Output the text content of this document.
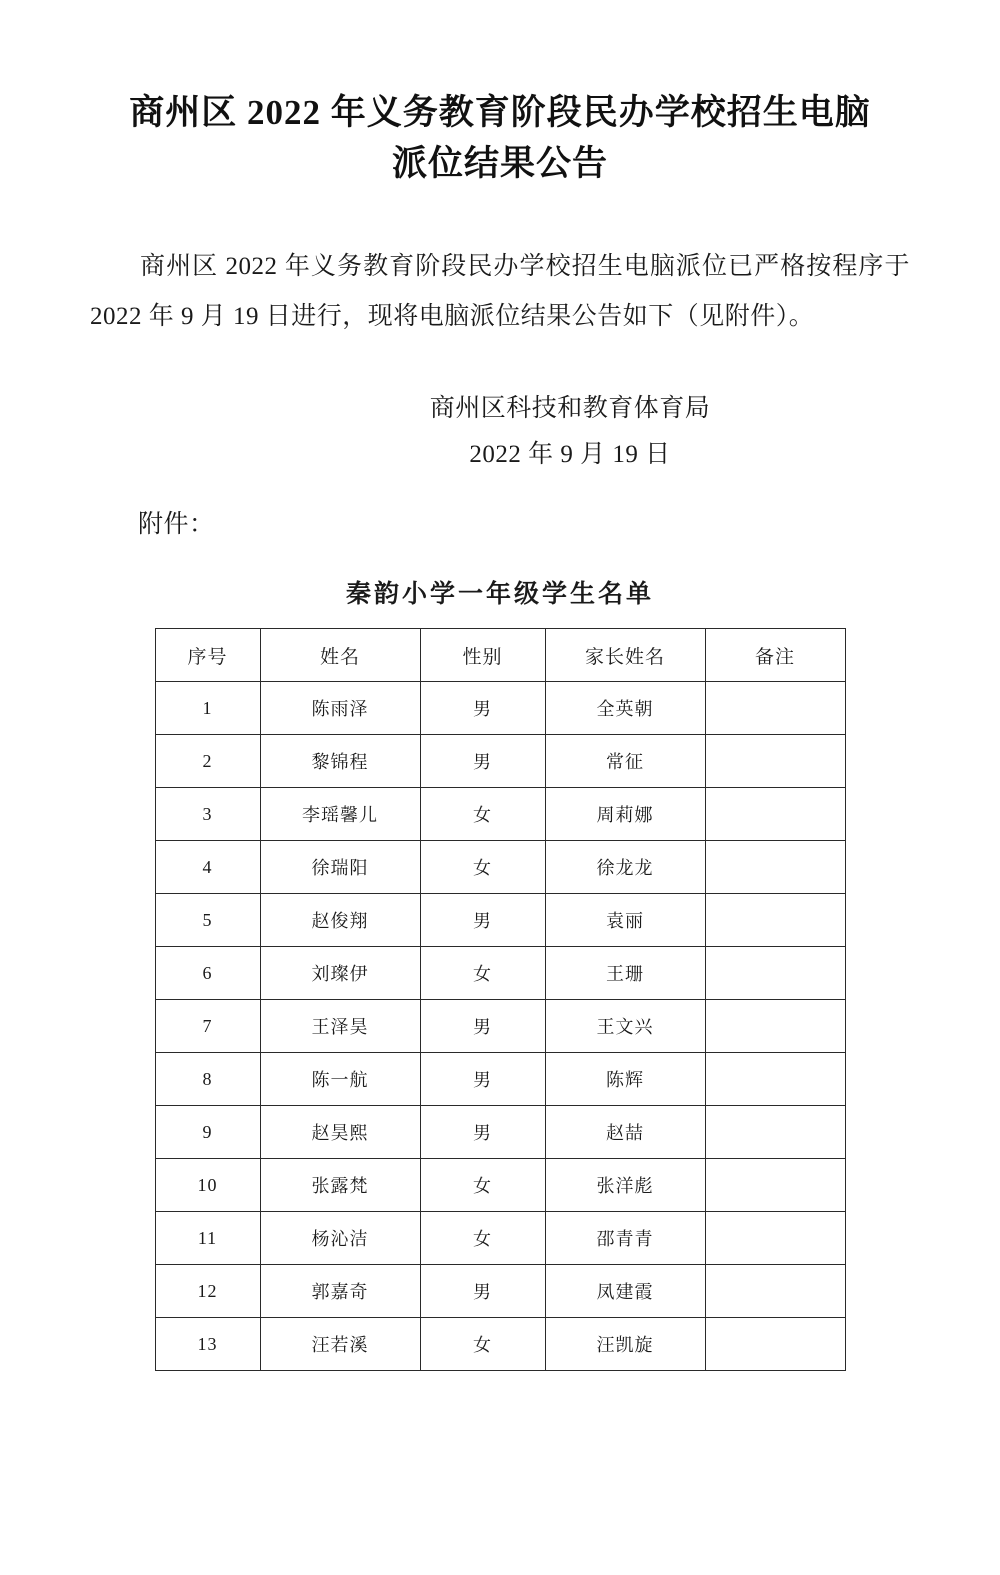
商州区 2022 年义务教育阶段民办学校招生电脑派位结果公告

商州区 2022 年义务教育阶段民办学校招生电脑派位已严格按程序于 2022 年 9 月 19 日进行，现将电脑派位结果公告如下（见附件）。

商州区科技和教育体育局
2022 年 9 月 19 日
附件：
秦韵小学一年级学生名单
序号	姓名	性别	家长姓名	备注
1	陈雨泽	男	全英朝	
2	黎锦程	男	常征	
3	李瑶馨儿	女	周莉娜	
4	徐瑞阳	女	徐龙龙	
5	赵俊翔	男	袁丽	
6	刘璨伊	女	王珊	
7	王泽昊	男	王文兴	
8	陈一航	男	陈辉	
9	赵昊熙	男	赵喆	
10	张露梵	女	张洋彪	
11	杨沁洁	女	邵青青	
12	郭嘉奇	男	凤建霞	
13	汪若溪	女	汪凯旋	
